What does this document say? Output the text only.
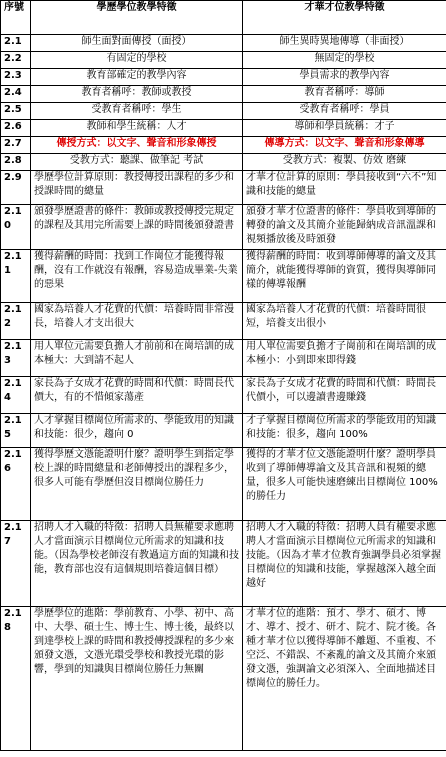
序號	學歷學位教學特徵	才華才位教學特徵
2.1	師生面對面傳授（面授）	師生異時異地傳導（非面授）
2.2	有固定的學校	無固定的學校
2.3	教育部確定的教學內容	學員需求的教學內容
2.4	教育者稱呼：教師或教授	教育者稱呼：導師
2.5	受教育者稱呼：學生	受教育者稱呼：學員
2.6	教師和學生統稱：人才	導師和學員統稱：才子
2.7	傳授方式：以文字、聲音和形象傳授	傳導方式：以文字、聲音和形象傳導
2.8	受教方式：聽課、做筆記 考試	受教方式：複製、仿效 磨練
2.9	學歷學位計算原則：教授傳授出課程的多少和授課時間的總量	才華才位計算的原則：學員接收到“六不”知識和技能的總量
2.10	頒發學歷證書的條件：教師或教授傳授完規定的課程及其用完所需要上課的時間後頒發證書	頒發才華才位證書的條件：學員收到導師的轉發的論文及其簡介並能歸納成音訊溫課和視頻播放後及時頒發
2.11	獲得薪酬的時間：找到工作崗位才能獲得報酬，沒有工作就沒有報酬，容易造成畢業-失業的惡果	獲得薪酬的時間：收到導師傳導的論文及其簡介，就能獲得導師的資質，獲得與導師同樣的傳導報酬
2.12	國家為培養人才花費的代價：培養時間非常漫長，培養人才支出很大	國家為培養人才花費的代價：培養時間很短，培養支出很小
2.13	用人單位元需要負擔人才前前和在崗培訓的成本極大：大到請不起人	用人單位需要負擔才子崗前和在崗培訓的成本極小：小到即來即得錢
2.14	家長為子女成才花費的時間和代價：時間長代價大，有的不惜傾家蕩產	家長為子女成才花費的時間和代價：時間長代價小，可以邊讀書邊賺錢
2.15	人才掌握目標崗位所需求的、學能致用的知識和技能：很少，趨向 0	才子掌握目標崗位所需求的學能致用的知識和技能：很多，趨向 100%
2.16	獲得學歷文憑能證明什麼？證明學生到指定學校上課的時間總量和老師傳授出的課程多少，很多人可能有學歷但沒目標崗位勝任力	獲得的才華才位文憑能證明什麼？證明學員收到了導師傳導論文及其音訊和視頻的總量，很多人可能快速磨練出目標崗位 100%的勝任力
2.17	招聘人才入職的特徵：招聘人員無權要求應聘人才當面演示目標崗位元所需求的知識和技能。（因為學校老師沒有教過這方面的知識和技能，教育部也沒有這個規則培養這個目標）	招聘人才入職的特徵：招聘人員有權要求應聘人才當面演示目標崗位元所需求的知識和技能。（因為才華才位教育強調學員必須掌握目標崗位的知識和技能，掌握越深入越全面越好
2.18	學歷學位的進階：學前教育、小學、初中、高中、大學、碩士生、博士生、博士後，最終以到達學校上課的時間和教授傳授課程的多少來頒發文憑，文憑光環受學校和教授光環的影響，學到的知識與目標崗位勝任力無關	才華才位的進階：預才、學才、碩才、博才、導才、授才、研才、院才、院才後。各種才華才位以獲得導師不離題、不重複、不空泛、不錯誤、不紊亂的論文及其簡介來頒發文憑，強調論文必須深入、全面地描述目標崗位的勝任力。
